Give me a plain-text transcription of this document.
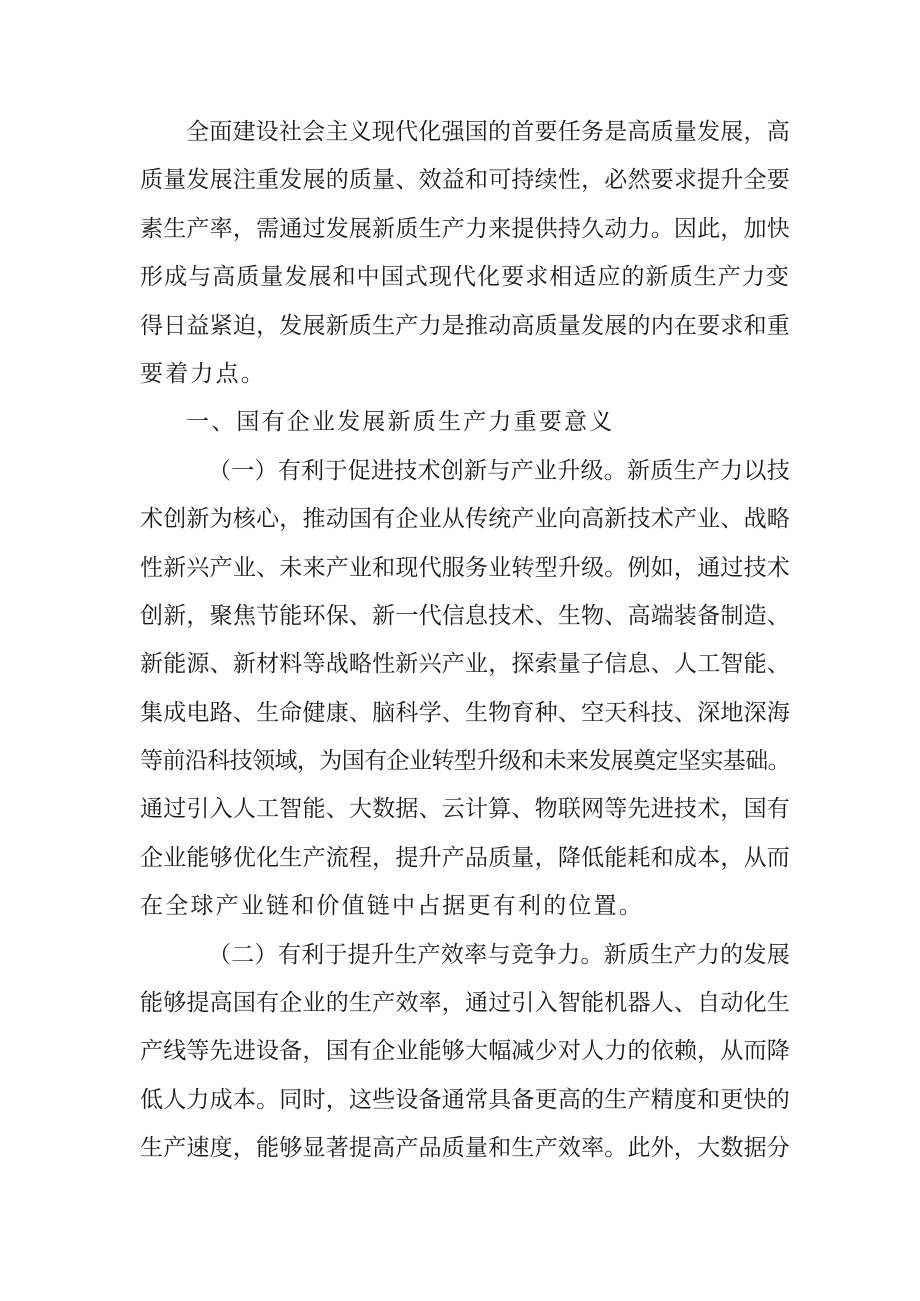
全面建设社会主义现代化强国的首要任务是高质量发展，高
质量发展注重发展的质量、效益和可持续性，必然要求提升全要
素生产率，需通过发展新质生产力来提供持久动力。因此，加快
形成与高质量发展和中国式现代化要求相适应的新质生产力变
得日益紧迫，发展新质生产力是推动高质量发展的内在要求和重
要着力点。
一、国有企业发展新质生产力重要意义
（一）有利于促进技术创新与产业升级。新质生产力以技
术创新为核心，推动国有企业从传统产业向高新技术产业、战略
性新兴产业、未来产业和现代服务业转型升级。例如，通过技术
创新，聚焦节能环保、新一代信息技术、生物、高端装备制造、
新能源、新材料等战略性新兴产业，探索量子信息、人工智能、
集成电路、生命健康、脑科学、生物育种、空天科技、深地深海
等前沿科技领域，为国有企业转型升级和未来发展奠定坚实基础。
通过引入人工智能、大数据、云计算、物联网等先进技术，国有
企业能够优化生产流程，提升产品质量，降低能耗和成本，从而
在全球产业链和价值链中占据更有利的位置。
（二）有利于提升生产效率与竞争力。新质生产力的发展
能够提高国有企业的生产效率，通过引入智能机器人、自动化生
产线等先进设备，国有企业能够大幅减少对人力的依赖，从而降
低人力成本。同时，这些设备通常具备更高的生产精度和更快的
生产速度，能够显著提高产品质量和生产效率。此外，大数据分
